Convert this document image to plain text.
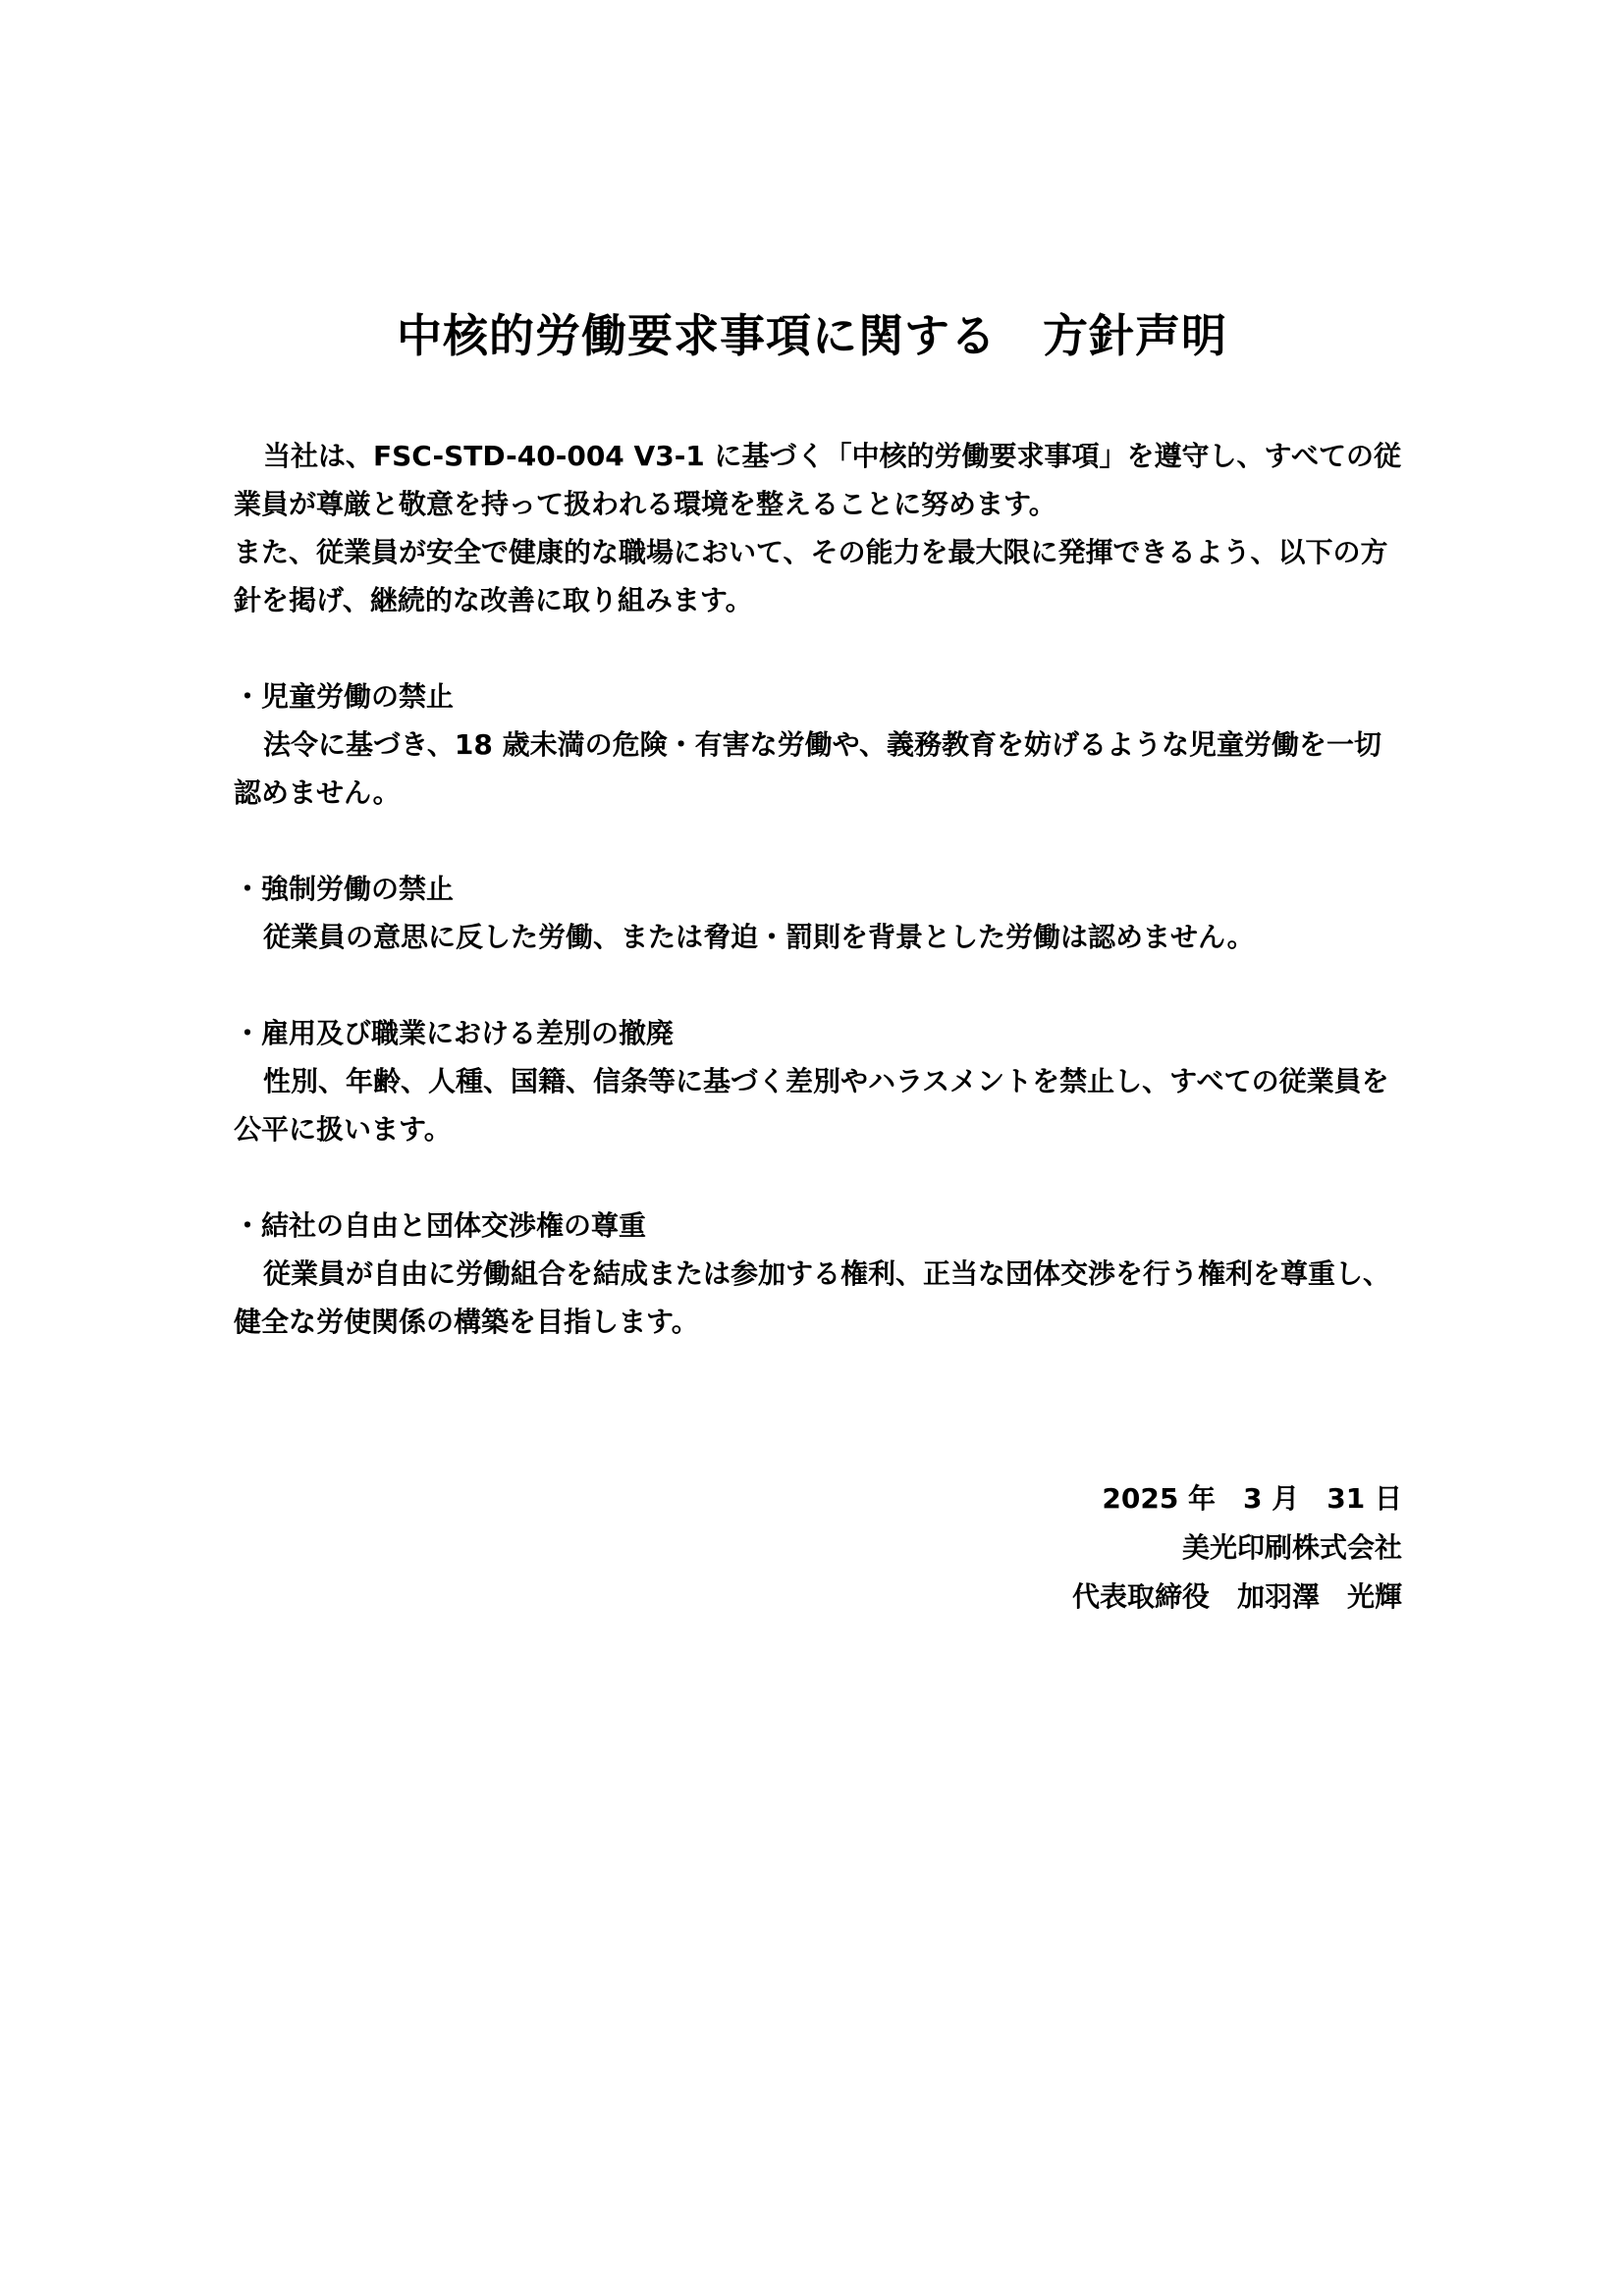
中核的労働要求事項に関する　方針声明

当社は、FSC-STD-40-004 V3-1 に基づく「中核的労働要求事項」を遵守し、すべての従業員が尊厳と敬意を持って扱われる環境を整えることに努めます。

また、従業員が安全で健康的な職場において、その能力を最大限に発揮できるよう、以下の方針を掲げ、継続的な改善に取り組みます。

・児童労働の禁止

法令に基づき、18 歳未満の危険・有害な労働や、義務教育を妨げるような児童労働を一切認めません。

・強制労働の禁止

従業員の意思に反した労働、または脅迫・罰則を背景とした労働は認めません。

・雇用及び職業における差別の撤廃

性別、年齢、人種、国籍、信条等に基づく差別やハラスメントを禁止し、すべての従業員を公平に扱います。

・結社の自由と団体交渉権の尊重

従業員が自由に労働組合を結成または参加する権利、正当な団体交渉を行う権利を尊重し、健全な労使関係の構築を目指します。

2025 年　3 月　31 日

美光印刷株式会社

代表取締役　加羽澤　光輝
